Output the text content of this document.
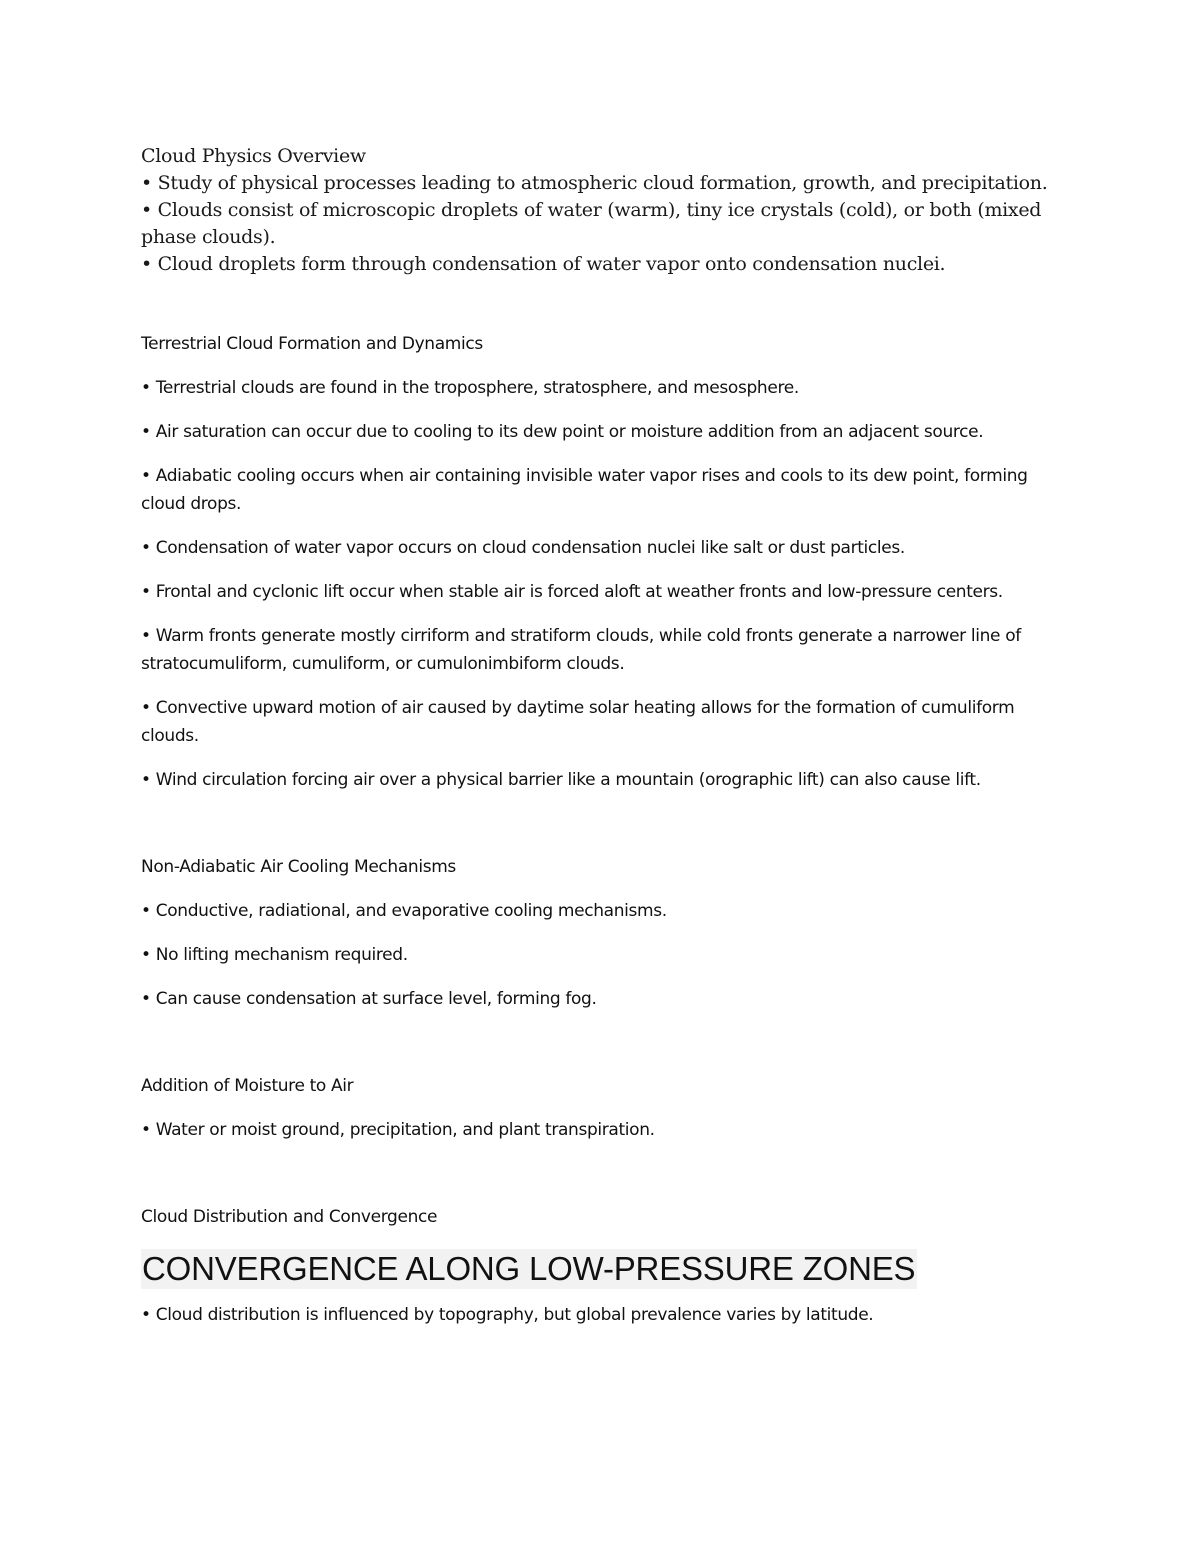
Cloud Physics Overview
• Study of physical processes leading to atmospheric cloud formation, growth, and precipitation.
• Clouds consist of microscopic droplets of water (warm), tiny ice crystals (cold), or both (mixed phase clouds).
• Cloud droplets form through condensation of water vapor onto condensation nuclei.
Terrestrial Cloud Formation and Dynamics
• Terrestrial clouds are found in the troposphere, stratosphere, and mesosphere.
• Air saturation can occur due to cooling to its dew point or moisture addition from an adjacent source.
• Adiabatic cooling occurs when air containing invisible water vapor rises and cools to its dew point, forming cloud drops.
• Condensation of water vapor occurs on cloud condensation nuclei like salt or dust particles.
• Frontal and cyclonic lift occur when stable air is forced aloft at weather fronts and low-pressure centers.
• Warm fronts generate mostly cirriform and stratiform clouds, while cold fronts generate a narrower line of stratocumuliform, cumuliform, or cumulonimbiform clouds.
• Convective upward motion of air caused by daytime solar heating allows for the formation of cumuliform clouds.
• Wind circulation forcing air over a physical barrier like a mountain (orographic lift) can also cause lift.
Non-Adiabatic Air Cooling Mechanisms
• Conductive, radiational, and evaporative cooling mechanisms.
• No lifting mechanism required.
• Can cause condensation at surface level, forming fog.
Addition of Moisture to Air
• Water or moist ground, precipitation, and plant transpiration.
Cloud Distribution and Convergence
CONVERGENCE ALONG LOW-PRESSURE ZONES
• Cloud distribution is influenced by topography, but global prevalence varies by latitude.
